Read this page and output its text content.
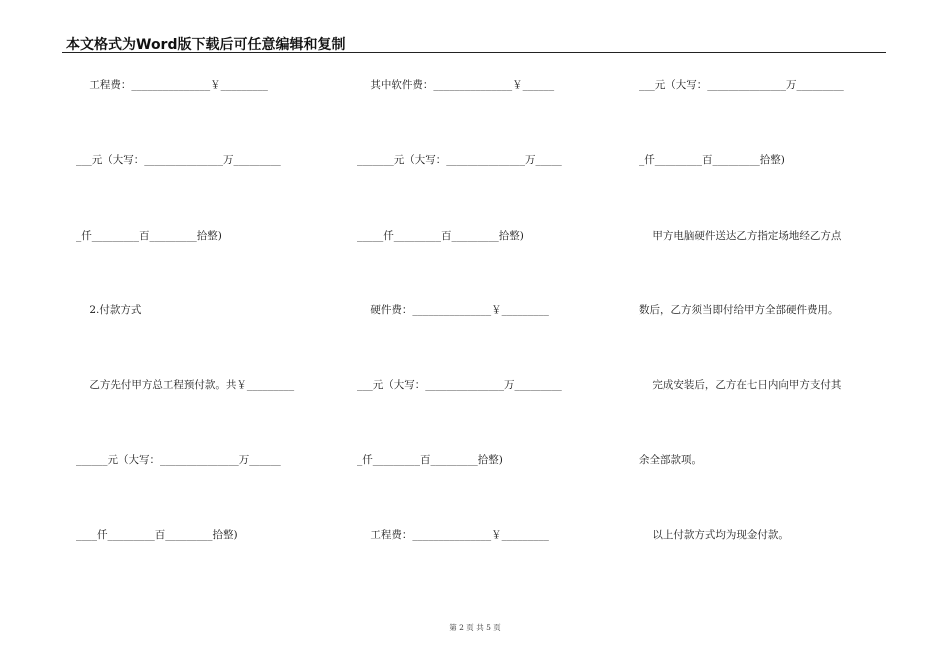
本文格式为Word版下载后可任意编辑和复制
工程费：_______________￥_________
___元（大写：_______________万_________
_仟_________百_________拾整)
2.付款方式
乙方先付甲方总工程预付款。共￥_________
______元（大写：_______________万______
____仟_________百_________拾整)
其中软件费：_______________￥______
_______元（大写：_______________万_____
_____仟_________百_________拾整)
硬件费：_______________￥_________
___元（大写：_______________万_________
_仟_________百_________拾整)
工程费：_______________￥_________
___元（大写：_______________万_________
_仟_________百_________拾整)
甲方电脑硬件送达乙方指定场地经乙方点
数后，乙方须当即付给甲方全部硬件费用。
完成安装后，乙方在七日内向甲方支付其
余全部款项。
以上付款方式均为现金付款。
第 2 页 共 5 页
